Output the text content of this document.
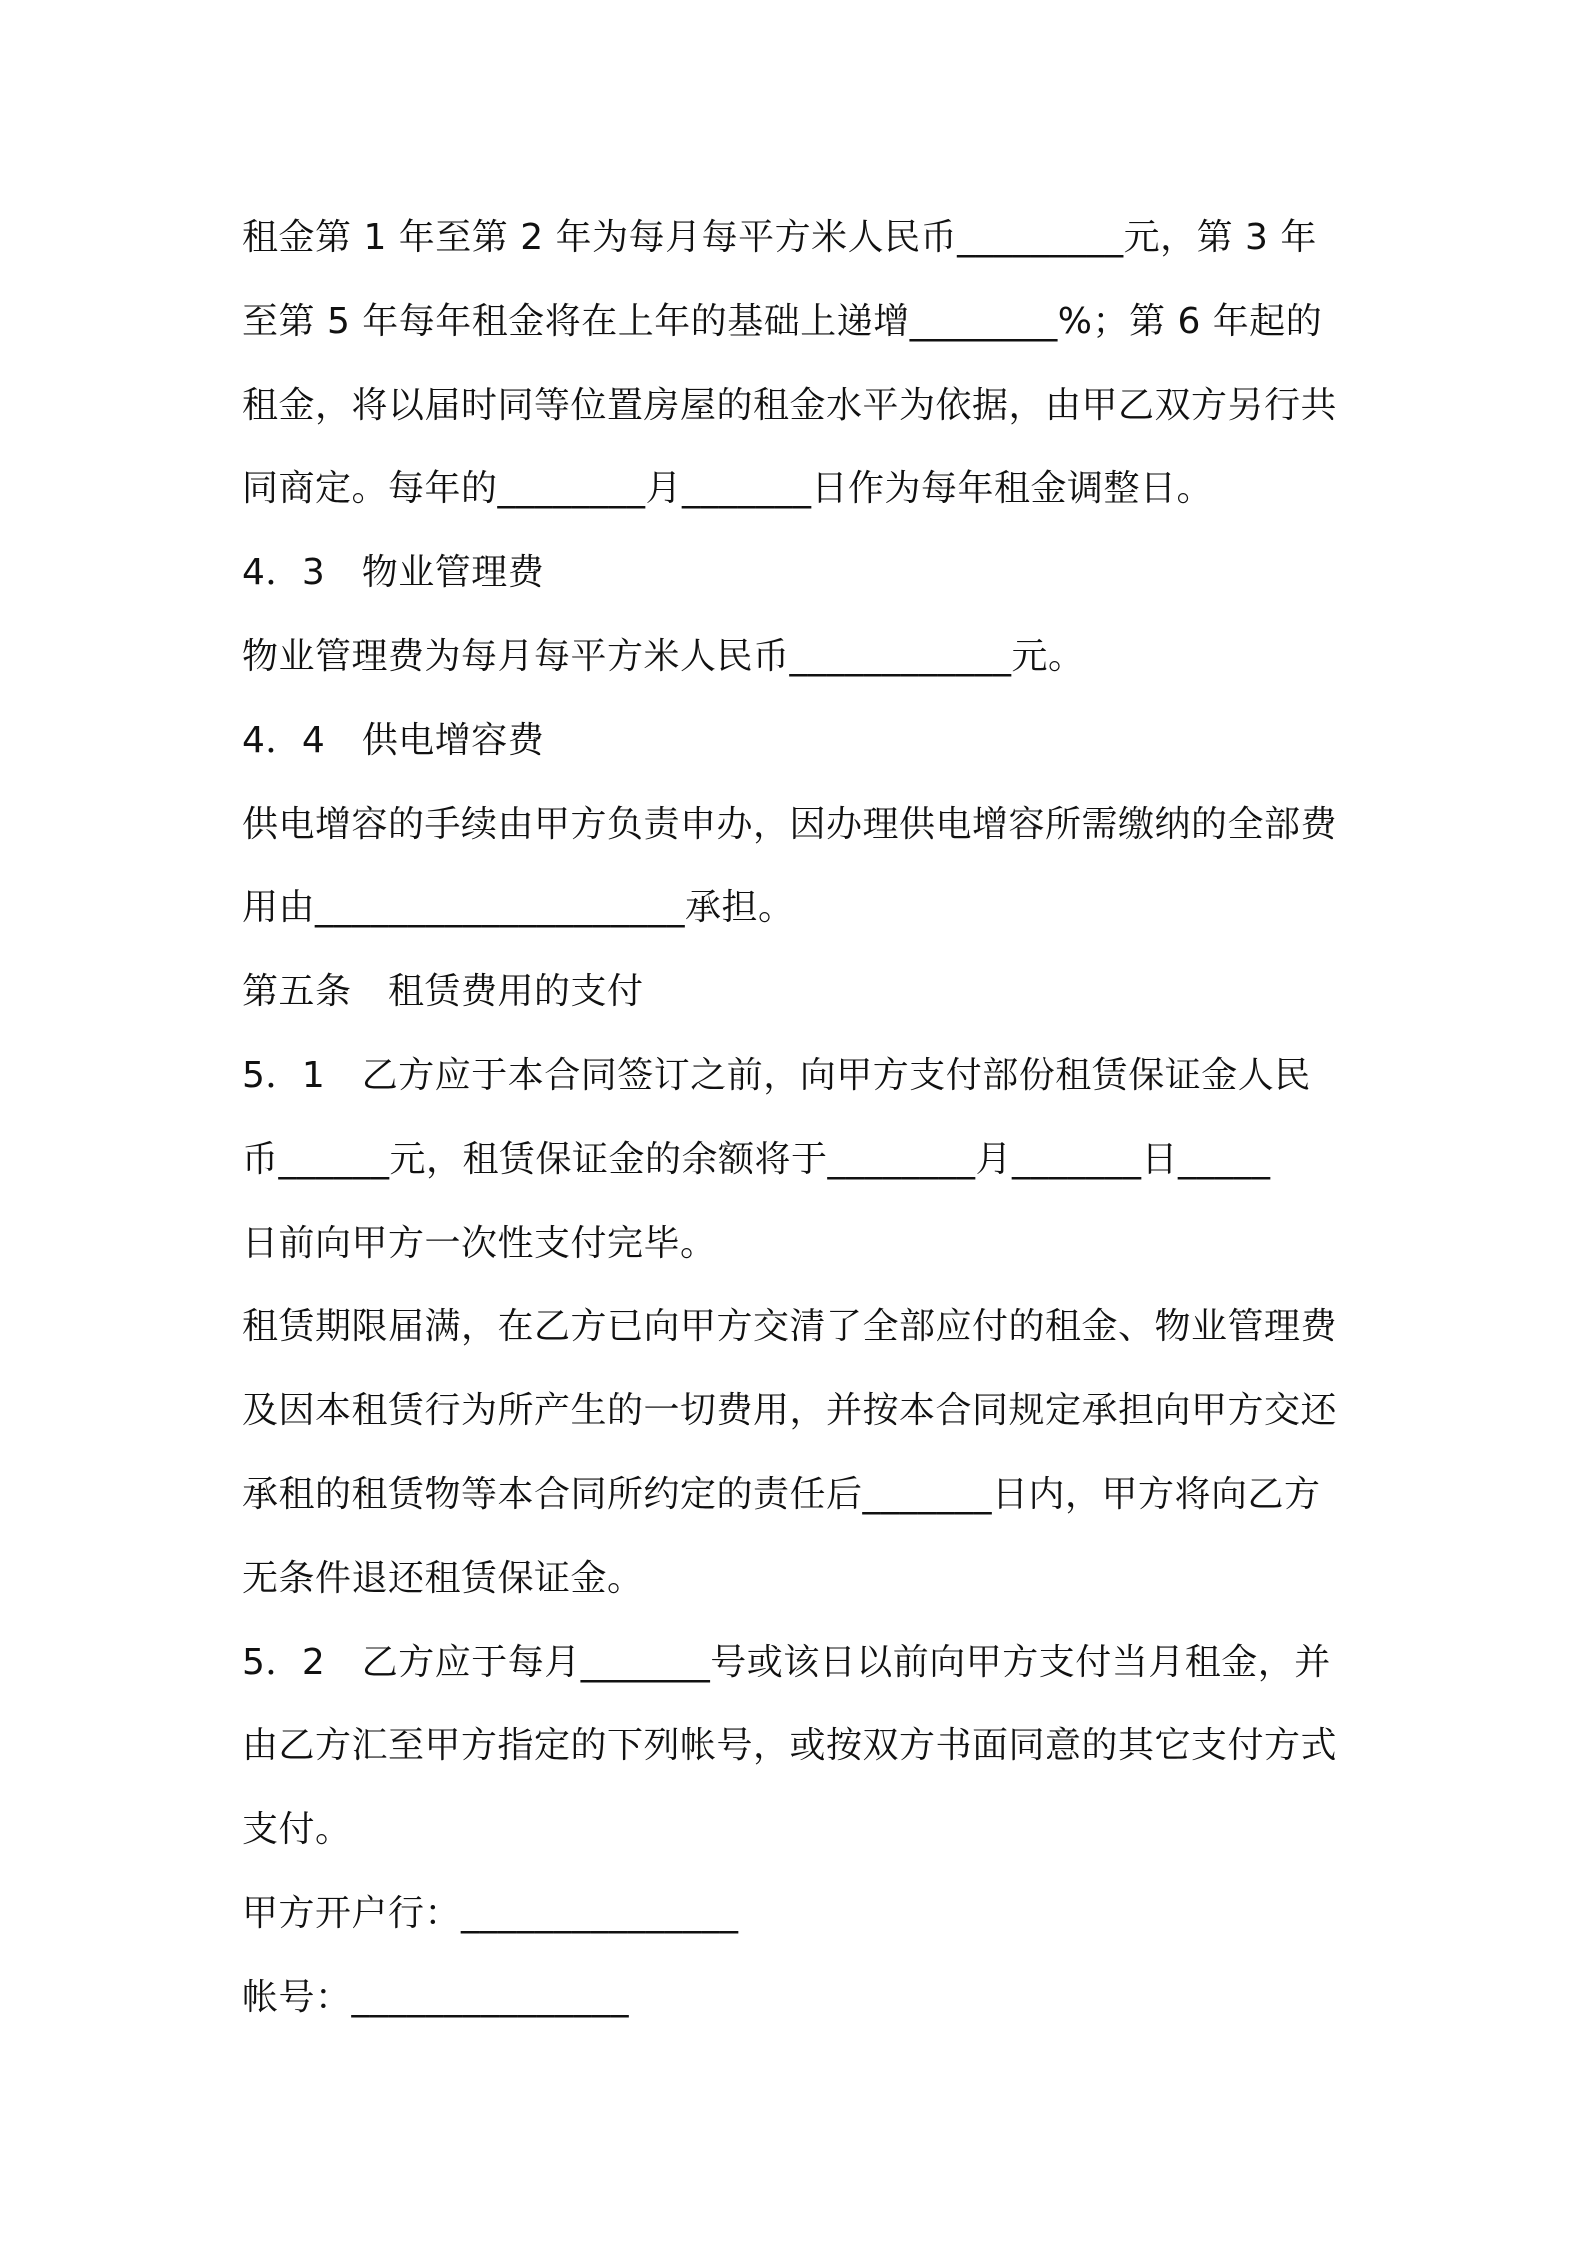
租金第 1 年至第 2 年为每月每平方米人民币_________元，第 3 年
至第 5 年每年租金将在上年的基础上递增________%；第 6 年起的
租金，将以届时同等位置房屋的租金水平为依据，由甲乙双方另行共
同商定。每年的________月_______日作为每年租金调整日。
4．3　物业管理费
物业管理费为每月每平方米人民币____________元。
4．4　供电增容费
供电增容的手续由甲方负责申办，因办理供电增容所需缴纳的全部费
用由____________________承担。
第五条　租赁费用的支付
5．1　乙方应于本合同签订之前，向甲方支付部份租赁保证金人民
币______元，租赁保证金的余额将于________月_______日_____
日前向甲方一次性支付完毕。
租赁期限届满，在乙方已向甲方交清了全部应付的租金、物业管理费
及因本租赁行为所产生的一切费用，并按本合同规定承担向甲方交还
承租的租赁物等本合同所约定的责任后_______日内，甲方将向乙方
无条件退还租赁保证金。
5．2　乙方应于每月_______号或该日以前向甲方支付当月租金，并
由乙方汇至甲方指定的下列帐号，或按双方书面同意的其它支付方式
支付。
甲方开户行：_______________
帐号：_______________
